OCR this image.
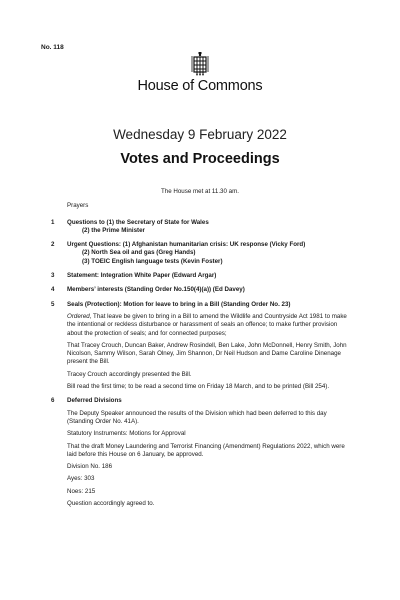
No. 118
House of Commons
Wednesday 9 February 2022
Votes and Proceedings
The House met at 11.30 am.
Prayers
1 Questions to (1) the Secretary of State for Wales
(2) the Prime Minister
2 Urgent Questions: (1) Afghanistan humanitarian crisis: UK response (Vicky Ford)
(2) North Sea oil and gas (Greg Hands)
(3) TOEIC English language tests (Kevin Foster)
3 Statement: Integration White Paper (Edward Argar)
4 Members’ interests (Standing Order No.150(4)(a)) (Ed Davey)
5 Seals (Protection): Motion for leave to bring in a Bill (Standing Order No. 23)
Ordered, That leave be given to bring in a Bill to amend the Wildlife and Countryside Act 1981 to make the intentional or reckless disturbance or harassment of seals an offence; to make further provision about the protection of seals; and for connected purposes;
That Tracey Crouch, Duncan Baker, Andrew Rosindell, Ben Lake, John McDonnell, Henry Smith, John Nicolson, Sammy Wilson, Sarah Olney, Jim Shannon, Dr Neil Hudson and Dame Caroline Dinenage present the Bill.
Tracey Crouch accordingly presented the Bill.
Bill read the first time; to be read a second time on Friday 18 March, and to be printed (Bill 254).
6 Deferred Divisions
The Deputy Speaker announced the results of the Division which had been deferred to this day (Standing Order No. 41A).
Statutory Instruments: Motions for Approval
That the draft Money Laundering and Terrorist Financing (Amendment) Regulations 2022, which were laid before this House on 6 January, be approved.
Division No. 186
Ayes: 303
Noes: 215
Question accordingly agreed to.
